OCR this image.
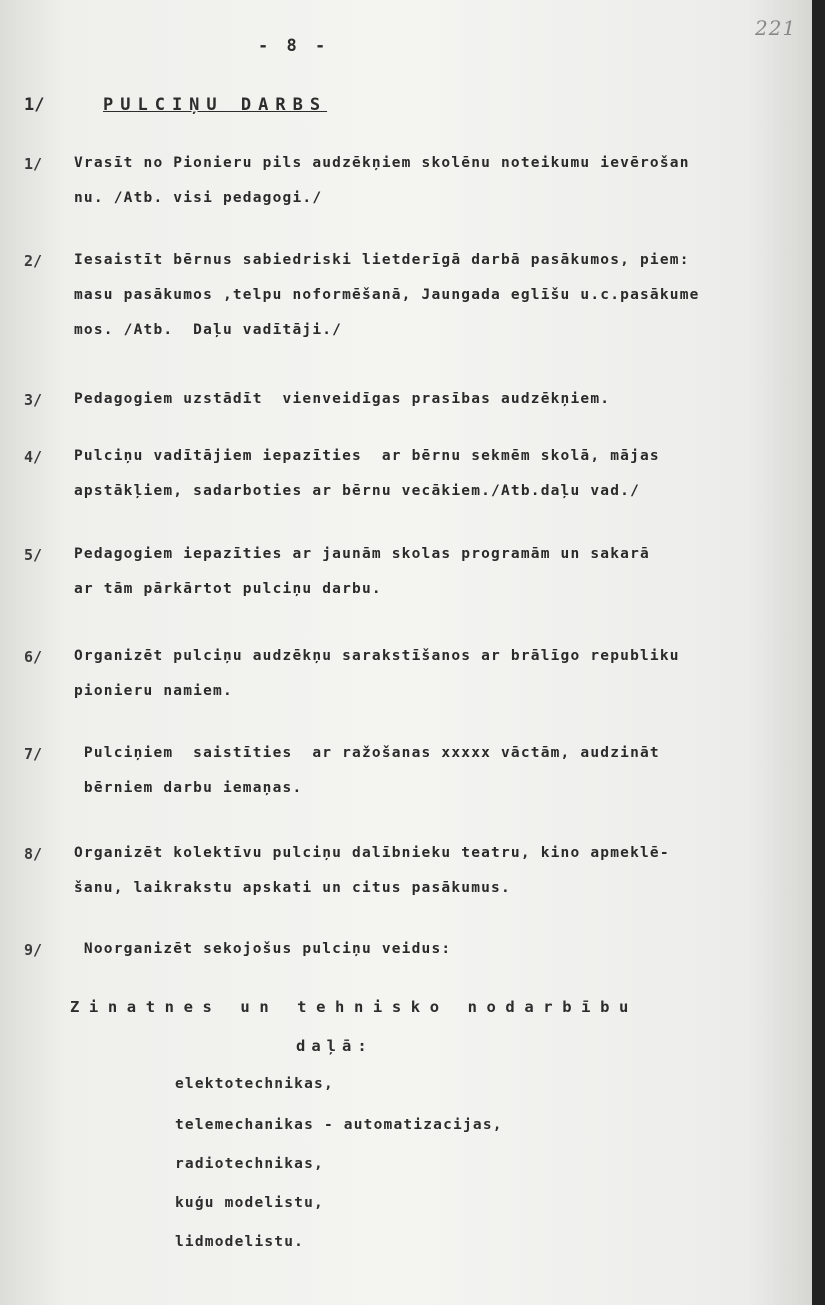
- 8 -
221
1/	PULCIŅU DARBS
1/ Vrasīt no Pionieru pils audzēkņiem skolēnu noteikumu ievērošan
nu. /Atb. visi pedagogi./
2/ Iesaistīt bērnus sabiedriski lietderīgā darbā pasākumos, piem:
masu pasākumos ,telpu noformēšanā, Jaungada eglīšu u.c.pasākume
mos. /Atb.  Daļu vadītāji./
3/ Pedagogiem uzstādīt  vienveidīgas prasības audzēkņiem.
4/ Pulciņu vadītājiem iepazīties  ar bērnu sekmēm skolā, mājas
apstākļiem, sadarboties ar bērnu vecākiem./Atb.daļu vad./
5/ Pedagogiem iepazīties ar jaunām skolas programām un sakarā
ar tām pārkārtot pulciņu darbu.
6/ Organizēt pulciņu audzēkņu sarakstīšanos ar brālīgo republiku
pionieru namiem.
7/ Pulciņiem  saistīties  ar ražošanas xxxxx vāctām, audzināt
bērniem darbu iemaņas.
8/ Organizēt kolektīvu pulciņu dalībnieku teatru, kino apmeklē-
šanu, laikrakstu apskati un citus pasākumus.
9/ Noorganizēt sekojošus pulciņu veidus:
Zinatnes un tehnisko nodarbību
daļā:
elektotechnikas,
telemechanikas - automatizacijas,
radiotechnikas,
kuģu modelistu,
lidmodelistu.
